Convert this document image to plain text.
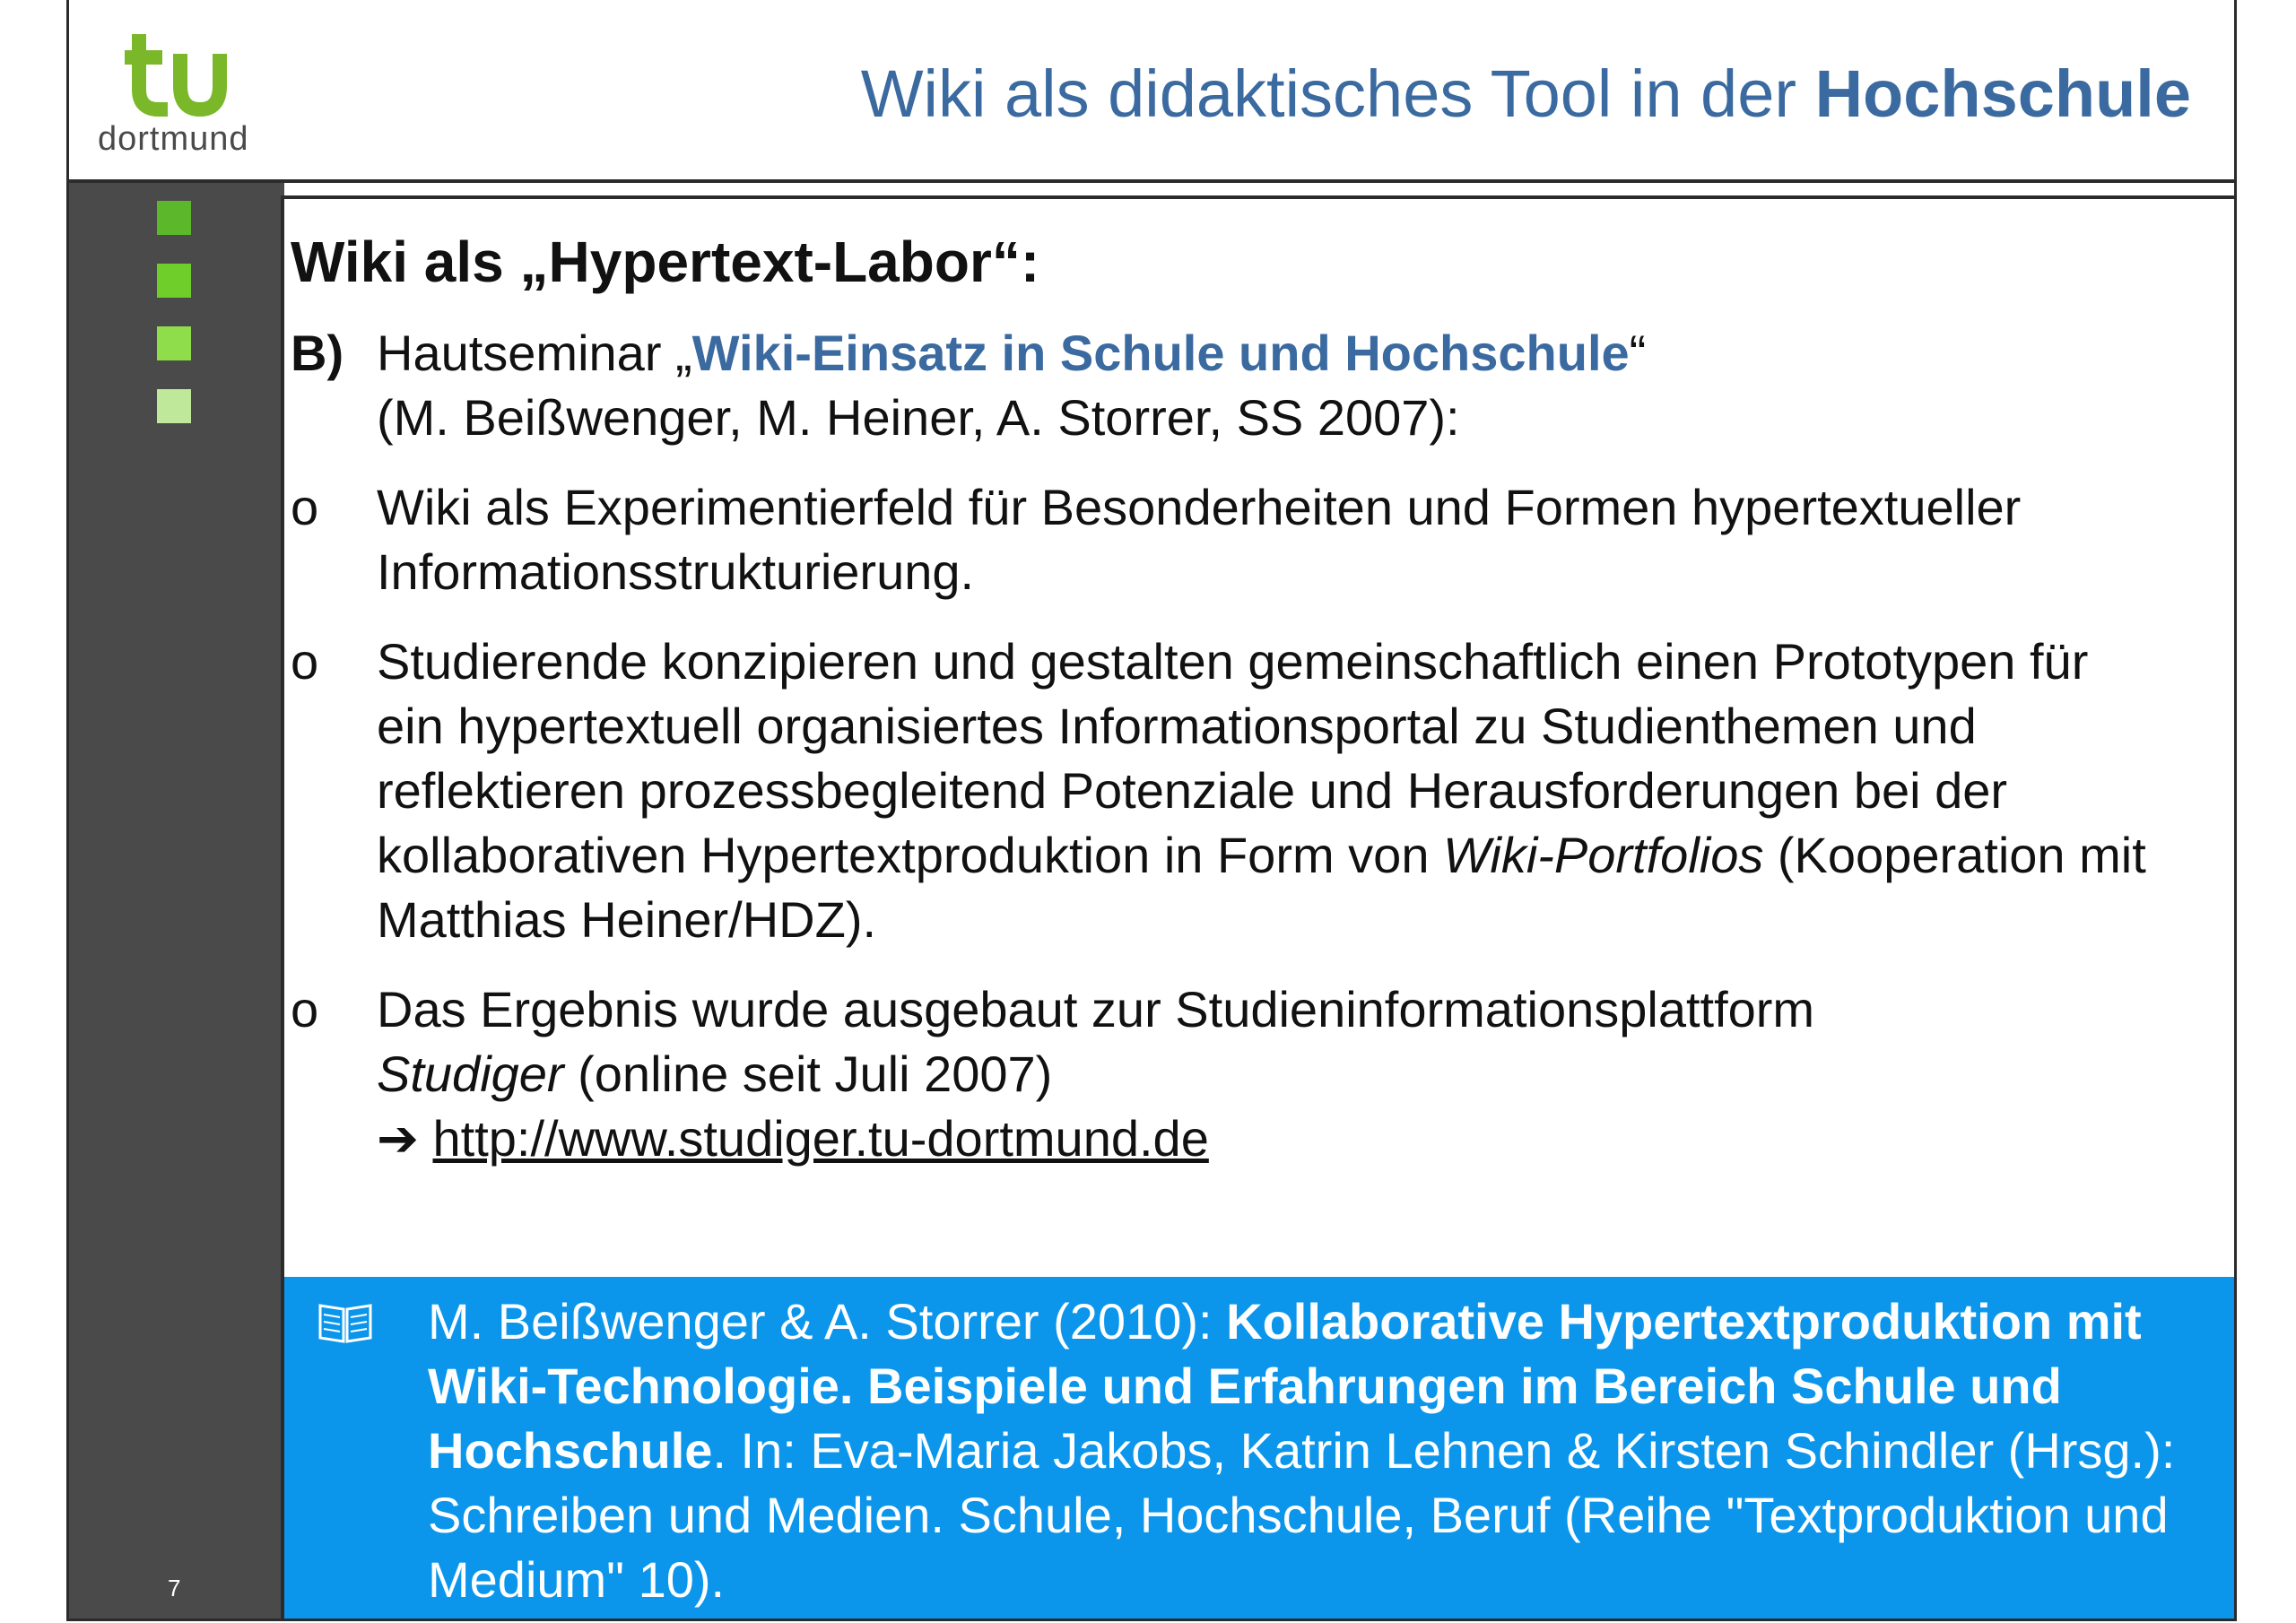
dortmund
Wiki als didaktisches Tool in der Hochschule
7
M. Beißwenger & A. Storrer (2010): Kollaborative Hypertextproduktion mit Wiki-Technologie. Beispiele und Erfahrungen im Bereich Schule und Hochschule. In: Eva-Maria Jakobs, Katrin Lehnen & Kirsten Schindler (Hrsg.): Schreiben und Medien. Schule, Hochschule, Beruf (Reihe "Textproduktion und Medium" 10).
Wiki als „Hypertext-Labor“:
B) Hautseminar „Wiki-Einsatz in Schule und Hochschule“
(M. Beißwenger, M. Heiner, A. Storrer, SS 2007):
o Wiki als Experimentierfeld für Besonderheiten und Formen hypertextueller Informationsstrukturierung.
o Studierende konzipieren und gestalten gemeinschaftlich einen Prototypen für ein hypertextuell organisiertes Informationsportal zu Studienthemen und reflektieren prozessbegleitend Potenziale und Herausforderungen bei der kollaborativen Hypertextproduktion in Form von Wiki-Portfolios (Kooperation mit Matthias Heiner/HDZ).
o Das Ergebnis wurde ausgebaut zur Studieninformationsplattform
Studiger (online seit Juli 2007)
➔ http://www.studiger.tu-dortmund.de
